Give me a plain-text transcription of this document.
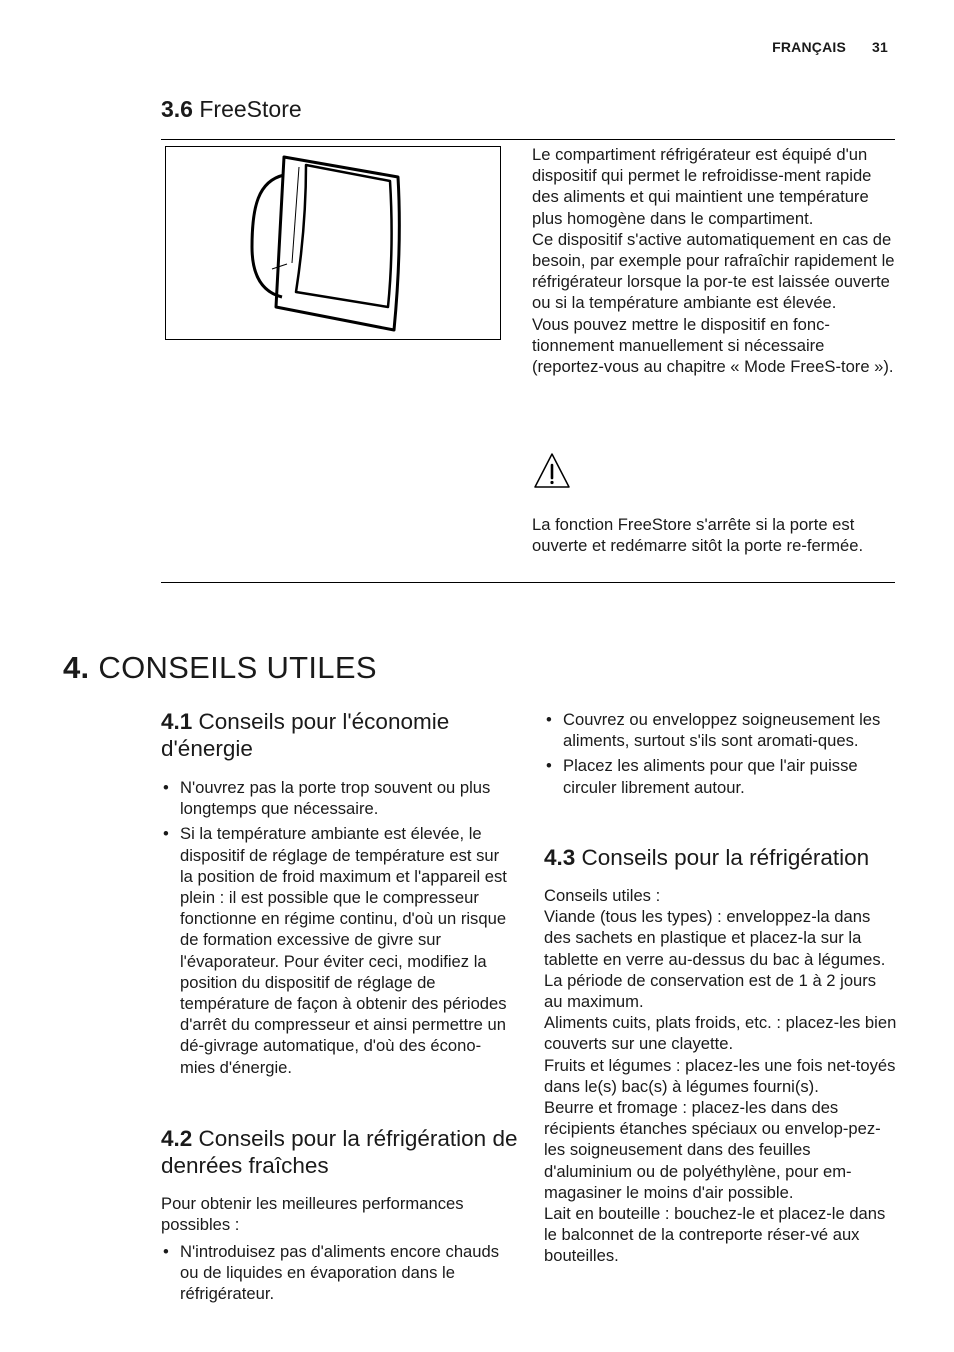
FRANÇAIS 31
3.6 FreeStore

Le compartiment réfrigérateur est équipé d'un dispositif qui permet le refroidisse-ment rapide des aliments et qui maintient une température plus homogène dans le compartiment.

Ce dispositif s'active automatiquement en cas de besoin, par exemple pour rafraîchir rapidement le réfrigérateur lorsque la por-te est laissée ouverte ou si la température ambiante est élevée.

Vous pouvez mettre le dispositif en fonc-tionnement manuellement si nécessaire (reportez-vous au chapitre « Mode FreeS-tore »).

La fonction FreeStore s'arrête si la porte est ouverte et redémarre sitôt la porte re-fermée.

4. CONSEILS UTILES
4.1 Conseils pour l'économie d'énergie
• N'ouvrez pas la porte trop souvent ou plus longtemps que nécessaire.
• Si la température ambiante est élevée, le dispositif de réglage de température est sur la position de froid maximum et l'appareil est plein : il est possible que le compresseur fonctionne en régime continu, d'où un risque de formation excessive de givre sur l'évaporateur. Pour éviter ceci, modifiez la position du dispositif de réglage de température de façon à obtenir des périodes d'arrêt du compresseur et ainsi permettre un dé-givrage automatique, d'où des écono-mies d'énergie.
4.2 Conseils pour la réfrigération de denrées fraîches

Pour obtenir les meilleures performances possibles :

• N'introduisez pas d'aliments encore chauds ou de liquides en évaporation dans le réfrigérateur.
• Couvrez ou enveloppez soigneusement les aliments, surtout s'ils sont aromati-ques.
• Placez les aliments pour que l'air puisse circuler librement autour.
4.3 Conseils pour la réfrigération

Conseils utiles :

Viande (tous les types) : enveloppez-la dans des sachets en plastique et placez-la sur la tablette en verre au-dessus du bac à légumes.

La période de conservation est de 1 à 2 jours au maximum.

Aliments cuits, plats froids, etc. : placez-les bien couverts sur une clayette.

Fruits et légumes : placez-les une fois net-toyés dans le(s) bac(s) à légumes fourni(s).

Beurre et fromage : placez-les dans des récipients étanches spéciaux ou envelop-pez-les soigneusement dans des feuilles d'aluminium ou de polyéthylène, pour em-magasiner le moins d'air possible.

Lait en bouteille : bouchez-le et placez-le dans le balconnet de la contreporte réser-vé aux bouteilles.
